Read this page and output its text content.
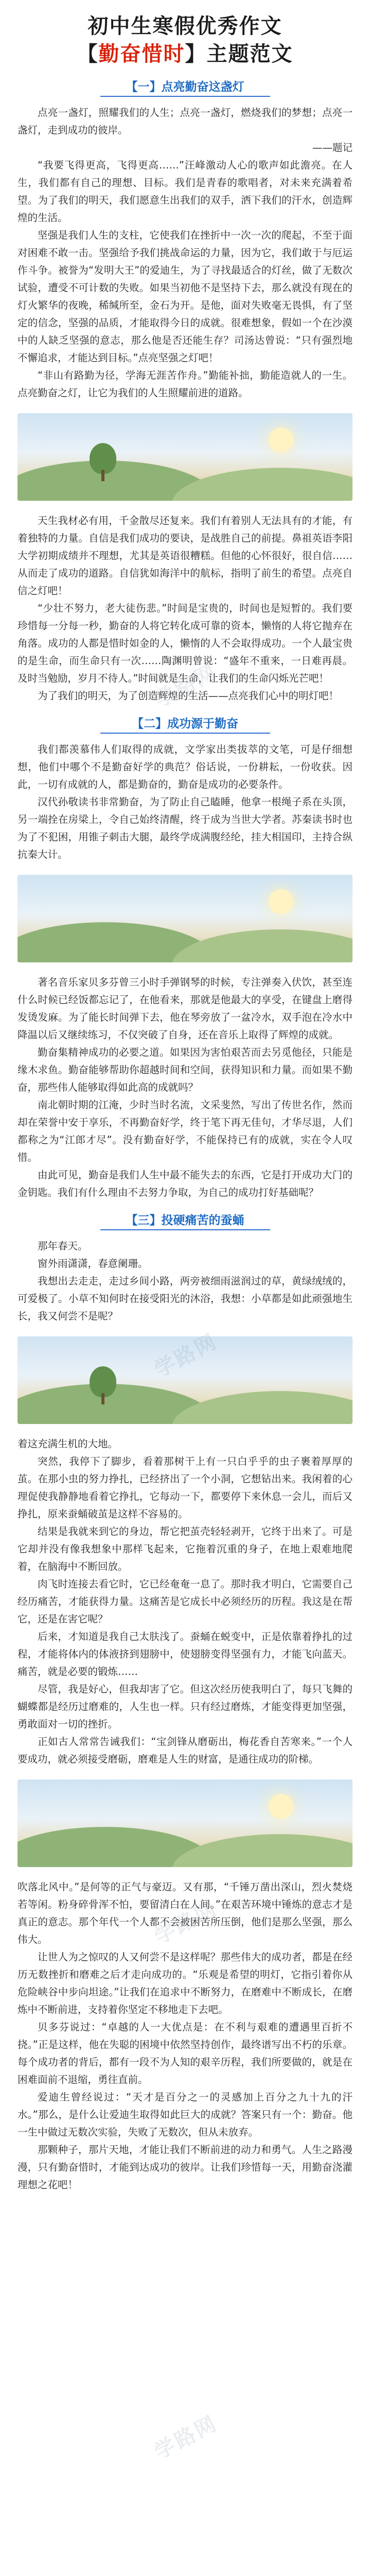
初中生寒假优秀作文
【勤奋惜时】主题范文
【一】点亮勤奋这盏灯

点亮一盏灯，照耀我们的人生；点亮一盏灯，燃烧我们的梦想；点亮一盏灯，走到成功的彼岸。

——题记

“我要飞得更高，飞得更高……”汪峰激动人心的歌声如此澹亮。在人生，我们都有自己的理想、目标。我们是青春的歌唱者，对未来充满着希望。为了我们的明天，我们愿意生出我们的双手，洒下我们的汗水，创造辉煌的生活。

坚强是我们人生的支柱，它使我们在挫折中一次一次的爬起，不至于面对困难不敢一击。坚强给予我们挑战命运的力量，因为它，我们敢于与厄运作斗争。被誉为“发明大王”的爱迪生，为了寻找最适合的灯丝，做了无数次试验，遭受不可计数的失败。如果当初他不是坚持下去，那么就没有现在的灯火繁华的夜晚，稀缄所至，金石为开。是他，面对失败毫无畏惧，有了坚定的信念，坚强的品质，才能取得今日的成就。很难想象，假如一个在沙漠中的人缺乏坚强的意志，那么他是否还能生存？司汤达曾说：“只有强烈地不懈追求，才能达到目标。”点亮坚强之灯吧！

“非山有路勤为径，学海无涯苦作舟。”勤能补拙，勤能造就人的一生。点亮勤奋之灯，让它为我们的人生照耀前进的道路。

天生我材必有用，千金散尽还复来。我们有着别人无法具有的才能，有着独特的力量。自信是我们成功的要诀，是战胜自己的前提。鼻祖英语李阳大学初期成绩并不理想，尤其是英语很糟糕。但他的心怀很好，很自信……从而走了成功的道路。自信犹如海洋中的航标，指明了前生的希望。点亮自信之灯吧！

“少壮不努力，老大徒伤悲。”时间是宝贵的，时间也是短暂的。我们要珍惜每一分每一秒，勤奋的人将它转化成可靠的资本，懒惰的人将它抛弃在角落。成功的人都是惜时如金的人，懒惰的人不会取得成功。一个人最宝贵的是生命，而生命只有一次……陶渊明曾说：“盛年不重来，一日难再晨。及时当勉励，岁月不待人。”时间就是生命，让我们的生命闪烁光芒吧！

为了我们的明天，为了创造辉煌的生活——点亮我们心中的明灯吧！

【二】成功源于勤奋

我们都羡慕伟人们取得的成就，文学家出类拔萃的文笔，可是仔细想想，他们中哪个不是勤奋好学的典范？俗话说，一份耕耘，一份收获。因此，一切有成就的人，都是勤奋的，勤奋是成功的必要条件。

汉代孙敬读书非常勤奋，为了防止自己瞌睡，他拿一根绳子系在头顶，另一端拴在房梁上，令自己始终清醒，终于成为当世大学者。苏秦读书时也为了不犯困，用锥子刺击大腿，最终学成满腹经纶，挂大相国印，主持合纵抗秦大计。

著名音乐家贝多芬曾三小时手弹钢琴的时候，专注弹奏入伏饮，甚至连什么时候已经饭都忘记了，在他看来，那就是他最大的享受，在键盘上磨得发烫发麻。为了能长时间弹下去，他在琴旁放了一盆冷水，双手泡在冷水中降温以后又继续练习，不仅突破了自身，还在音乐上取得了辉煌的成就。

勤奋集精神成功的必要之道。如果因为害怕艰苦而去另觅他径，只能是缘木求鱼。勤奋能够帮助你超越时间和空间，获得知识和力量。而如果不勤奋，那些伟人能够取得如此高的成就吗？

南北朝时期的江淹，少时当时名流，文采斐然，写出了传世名作，然而却在荣誉中安于享乐，不再勤奋好学，终于笔下再无佳句，才华尽退，人们都称之为“江郎才尽”。没有勤奋好学，不能保持已有的成就，实在令人叹惜。

由此可见，勤奋是我们人生中最不能失去的东西，它是打开成功大门的金钥匙。我们有什么理由不去努力争取，为自己的成功打好基础呢？

【三】投硬痛苦的蚕蛹

那年春天。

窗外雨潇潇，春意阑珊。

我想出去走走，走过乡间小路，两旁被细雨滋润过的草，黄绿绒绒的，可爱极了。小草不知何时在接受阳光的沐浴，我想：小草都是如此顽强地生长，我又何尝不是呢？

着这充满生机的大地。

突然，我停下了脚步，看着那树干上有一只白乎乎的虫子裹着厚厚的茧。在那小虫的努力挣扎，已经挤出了一个小洞，它想钻出来。我闲着的心理促使我静静地看着它挣扎，它每动一下，都要停下来休息一会儿，而后又挣扎，原来蚕蛹破茧是这样不容易的。

结果是我就来到它的身边，帮它把茧壳轻轻剥开，它终于出来了。可是它却并没有像我想象中那样飞起来，它拖着沉重的身子，在地上艰难地爬着，在脑海中不断回放。

肉飞时连接去看它时，它已经奄奄一息了。那时我才明白，它需要自己经历痛苦，才能获得力量。这痛苦是它成长中必须经历的历程。我这是在帮它，还是在害它呢？

后来，才知道是我自己太肤浅了。蚕蛹在蜕变中，正是依靠着挣扎的过程，才能将体内的体液挤到翅膀中，使翅膀变得坚强有力，才能飞向蓝天。痛苦，就是必要的锻炼……

尽管，我是好心，但我却害了它。但这次经历使我明白了，每只飞舞的蝴蝶都是经历过磨难的，人生也一样。只有经过磨炼，才能变得更加坚强，勇敢面对一切的挫折。

正如古人常常告诫我们：“宝剑锋从磨砺出，梅花香自苦寒来。”一个人要成功，就必须接受磨砺，磨难是人生的财富，是通往成功的阶梯。

吹落北风中。”是何等的正气与豪迈。又有那，“千锤万凿出深山，烈火焚烧若等闲。粉身碎骨浑不怕，要留清白在人间。”在艰苦环境中锤炼的意志才是真正的意志。那个年代一个人都不会被困苦所压倒，他们是那么坚强，那么伟大。

让世人为之惊叹的人又何尝不是这样呢？那些伟大的成功者，都是在经历无数挫折和磨难之后才走向成功的。“乐观是希望的明灯，它指引着你从危险峡谷中步向坦途。”让我们在追求中不断努力，在磨难中不断成长，在磨炼中不断前进，支持着你坚定不移地走下去吧。

贝多芬说过：“卓越的人一大优点是：在不利与艰难的遭遇里百折不挠。”正是这样，他在失聪的困境中依然坚持创作，最终谱写出不朽的乐章。每个成功者的背后，都有一段不为人知的艰辛历程，我们所要做的，就是在困难面前不退缩，勇往直前。

爱迪生曾经说过：“天才是百分之一的灵感加上百分之九十九的汗水。”那么，是什么让爱迪生取得如此巨大的成就？答案只有一个：勤奋。他一生中做过无数次实验，失败了无数次，但从未放弃。

那颗种子，那片天地，才能让我们不断前进的动力和勇气。人生之路漫漫，只有勤奋惜时，才能到达成功的彼岸。让我们珍惜每一天，用勤奋浇灌理想之花吧！

学路网
学路网
学路网
